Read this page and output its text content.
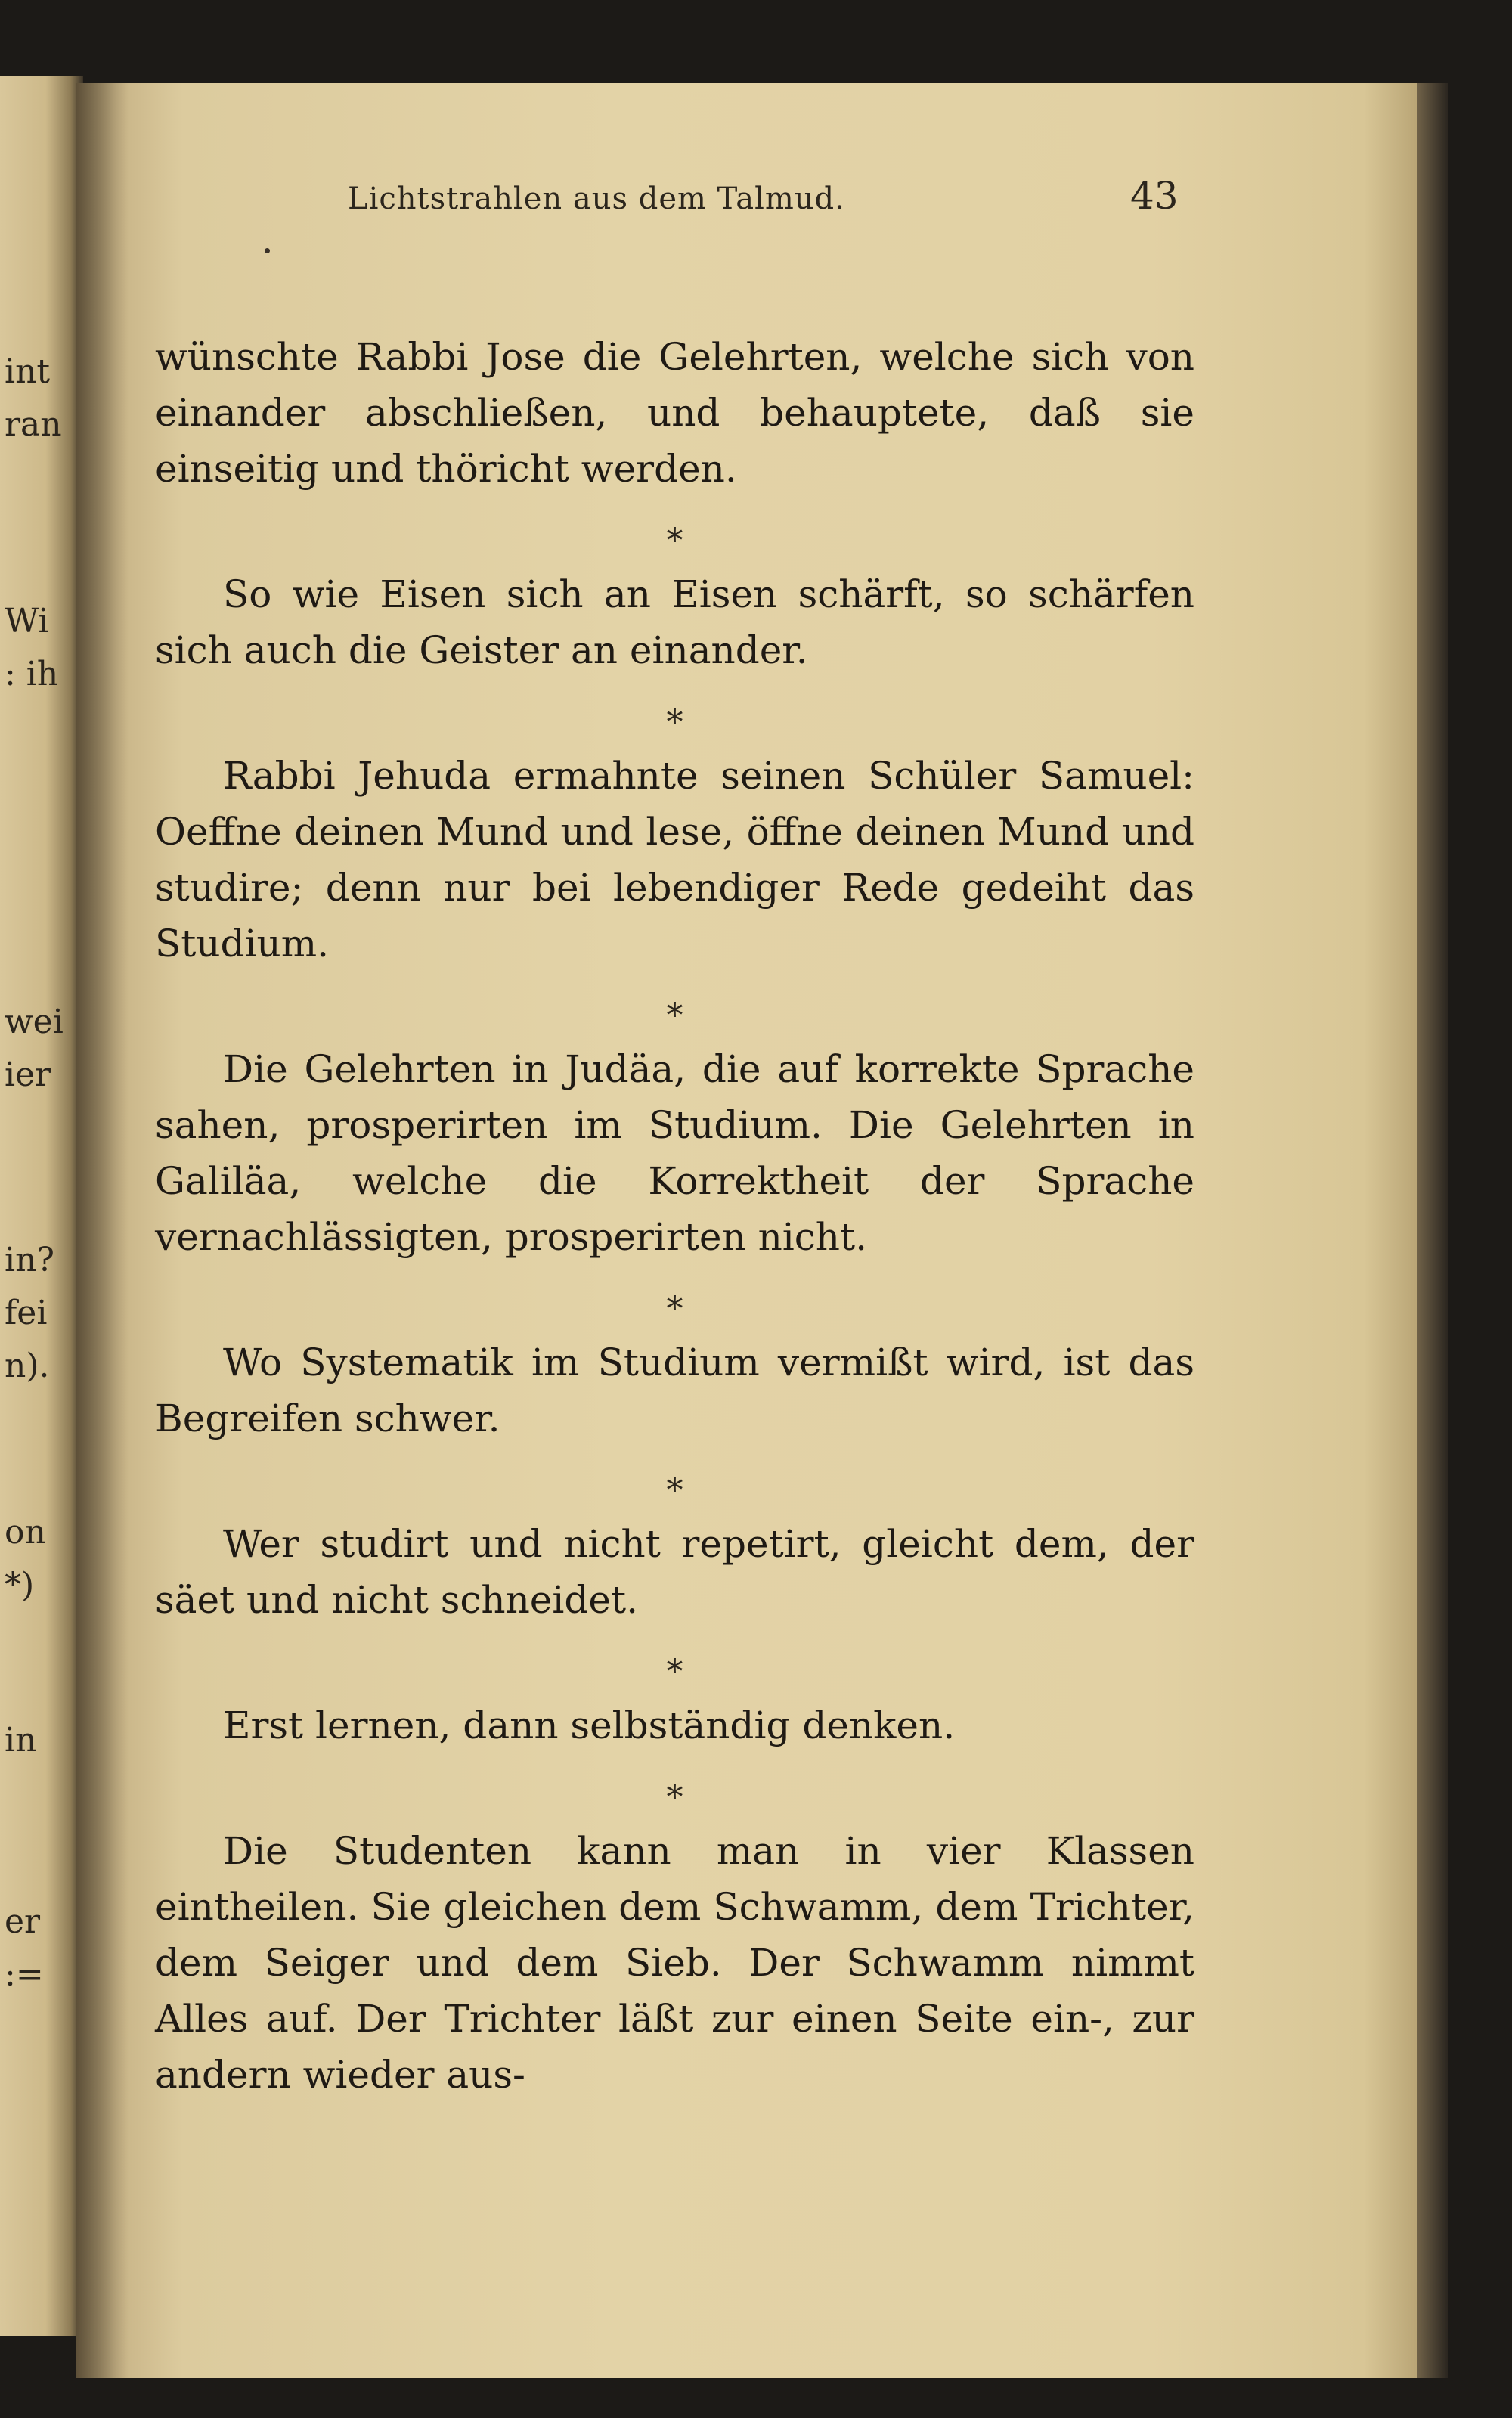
int
ran
Wi
: ih
wei
ier
in?
fei
n).
on
*)
in
er
:=
Lichtstrahlen aus dem Talmud.	43

wünschte Rabbi Jose die Gelehrten, welche sich von einander abschließen, und behauptete, daß sie einseitig und thöricht werden.

*

So wie Eisen sich an Eisen schärft, so schärfen sich auch die Geister an einander.

*

Rabbi Jehuda ermahnte seinen Schüler Samuel: Oeffne deinen Mund und lese, öffne deinen Mund und studire; denn nur bei lebendiger Rede gedeiht das Studium.

*

Die Gelehrten in Judäa, die auf korrekte Sprache sahen, prosperirten im Studium. Die Gelehrten in Galiläa, welche die Korrektheit der Sprache vernachlässigten, prosperirten nicht.

*

Wo Systematik im Studium vermißt wird, ist das Begreifen schwer.

*

Wer studirt und nicht repetirt, gleicht dem, der säet und nicht schneidet.

*

Erst lernen, dann selbständig denken.

*

Die Studenten kann man in vier Klassen eintheilen. Sie gleichen dem Schwamm, dem Trichter, dem Seiger und dem Sieb. Der Schwamm nimmt Alles auf. Der Trichter läßt zur einen Seite ein-, zur andern wieder aus-
